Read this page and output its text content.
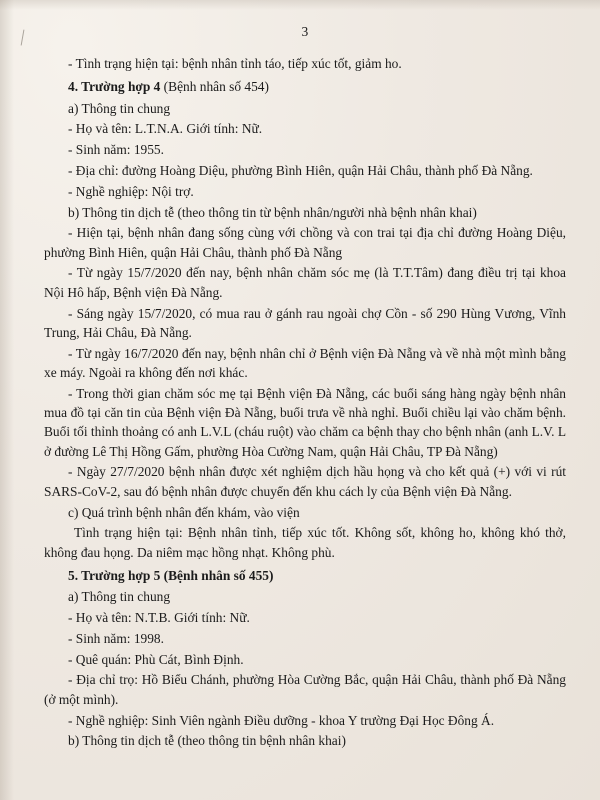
3

- Tình trạng hiện tại: bệnh nhân tỉnh táo, tiếp xúc tốt, giảm ho.

4. Trường hợp 4 (Bệnh nhân số 454)

a) Thông tin chung

- Họ và tên: L.T.N.A. Giới tính: Nữ.

- Sinh năm: 1955.

- Địa chỉ: đường Hoàng Diệu, phường Bình Hiên, quận Hải Châu, thành phố Đà Nẵng.

- Nghề nghiệp: Nội trợ.

b) Thông tin dịch tễ (theo thông tin từ bệnh nhân/người nhà bệnh nhân khai)

- Hiện tại, bệnh nhân đang sống cùng với chồng và con trai tại địa chỉ đường Hoàng Diệu, phường Bình Hiên, quận Hải Châu, thành phố Đà Nẵng

- Từ ngày 15/7/2020 đến nay, bệnh nhân chăm sóc mẹ (là T.T.Tâm) đang điều trị tại khoa Nội Hô hấp, Bệnh viện Đà Nẵng.

- Sáng ngày 15/7/2020, có mua rau ở gánh rau ngoài chợ Cồn - số 290 Hùng Vương, Vĩnh Trung, Hải Châu, Đà Nẵng.

- Từ ngày 16/7/2020 đến nay, bệnh nhân chỉ ở Bệnh viện Đà Nẵng và về nhà một mình bằng xe máy. Ngoài ra không đến nơi khác.

- Trong thời gian chăm sóc mẹ tại Bệnh viện Đà Nẵng, các buổi sáng hàng ngày bệnh nhân mua đồ tại căn tin của Bệnh viện Đà Nẵng, buổi trưa về nhà nghỉ. Buổi chiều lại vào chăm bệnh. Buổi tối thỉnh thoảng có anh L.V.L (cháu ruột) vào chăm ca bệnh thay cho bệnh nhân (anh L.V. L ở đường Lê Thị Hồng Gấm, phường Hòa Cường Nam, quận Hải Châu, TP Đà Nẵng)

- Ngày 27/7/2020 bệnh nhân được xét nghiệm dịch hầu họng và cho kết quả (+) với vi rút SARS-CoV-2, sau đó bệnh nhân được chuyển đến khu cách ly của Bệnh viện Đà Nẵng.

c) Quá trình bệnh nhân đến khám, vào viện

Tình trạng hiện tại: Bệnh nhân tỉnh, tiếp xúc tốt. Không sốt, không ho, không khó thở, không đau họng. Da niêm mạc hồng nhạt. Không phù.

5. Trường hợp 5 (Bệnh nhân số 455)

a) Thông tin chung

- Họ và tên: N.T.B. Giới tính: Nữ.

- Sinh năm: 1998.

- Quê quán: Phù Cát, Bình Định.

- Địa chỉ trọ: Hồ Biểu Chánh, phường Hòa Cường Bắc, quận Hải Châu, thành phố Đà Nẵng (ở một mình).

- Nghề nghiệp: Sinh Viên ngành Điều dưỡng - khoa Y trường Đại Học Đông Á.

b) Thông tin dịch tễ (theo thông tin bệnh nhân khai)
